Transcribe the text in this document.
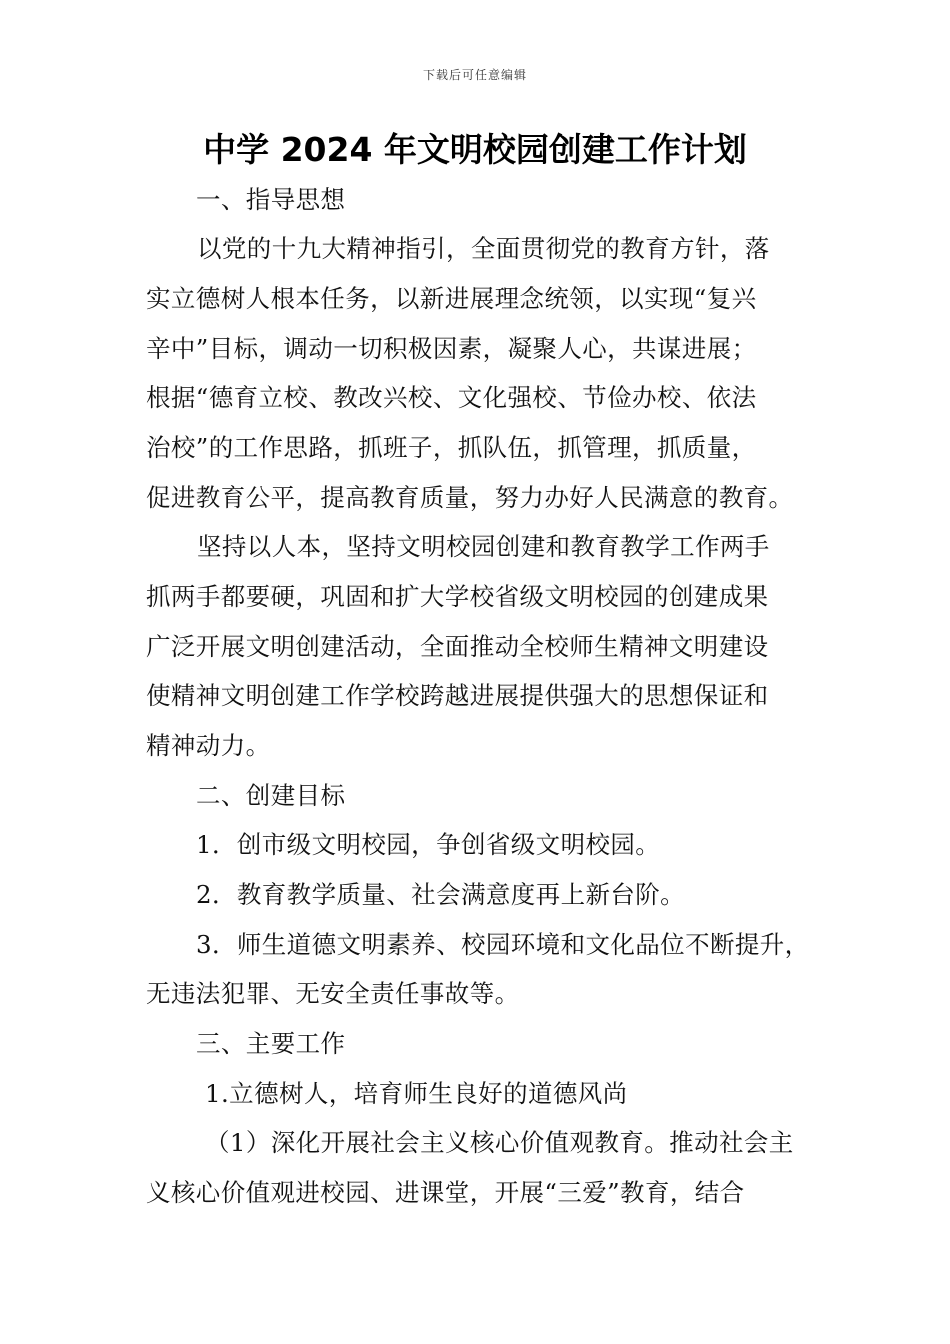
下载后可任意编辑
中学 2024 年文明校园创建工作计划
一、指导思想
以党的十九大精神指引，全面贯彻党的教育方针，落
实立德树人根本任务，以新进展理念统领，以实现“复兴
辛中”目标，调动一切积极因素，凝聚人心，共谋进展；
根据“德育立校、教改兴校、文化强校、节俭办校、依法
治校”的工作思路，抓班子，抓队伍，抓管理，抓质量，
促进教育公平，提高教育质量，努力办好人民满意的教育。
坚持以人本，坚持文明校园创建和教育教学工作两手
抓两手都要硬，巩固和扩大学校省级文明校园的创建成果
广泛开展文明创建活动，全面推动全校师生精神文明建设
使精神文明创建工作学校跨越进展提供强大的思想保证和
精神动力。
二、创建目标
1．创市级文明校园，争创省级文明校园。
2．教育教学质量、社会满意度再上新台阶。
3．师生道德文明素养、校园环境和文化品位不断提升，
无违法犯罪、无安全责任事故等。
三、主要工作
1.立德树人，培育师生良好的道德风尚
（1）深化开展社会主义核心价值观教育。推动社会主
义核心价值观进校园、进课堂，开展“三爱”教育，结合
